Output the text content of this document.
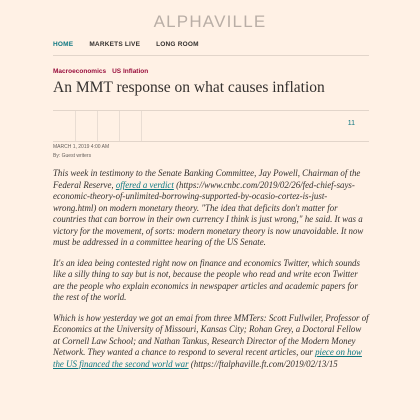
ALPHAVILLE
HOME MARKETS LIVE LONG ROOM
Macroeconomics US Inflation
An MMT response on what causes inflation
11
MARCH 1, 2019 4:00 AM
By: Guest writers

This week in testimony to the Senate Banking Committee, Jay Powell, Chairman of the Federal Reserve, offered a verdict (https://www.cnbc.com/2019/02/26/fed-chief-says-economic-theory-of-unlimited-borrowing-supported-by-ocasio-cortez-is-just-wrong.html) on modern monetary theory. "The idea that deficits don't matter for countries that can borrow in their own currency I think is just wrong," he said. It was a victory for the movement, of sorts: modern monetary theory is now unavoidable. It now must be addressed in a committee hearing of the US Senate.

It's an idea being contested right now on finance and economics Twitter, which sounds like a silly thing to say but is not, because the people who read and write econ Twitter are the people who explain economics in newspaper articles and academic papers for the rest of the world.

Which is how yesterday we got an emai from three MMTers: Scott Fullwiler, Professor of Economics at the University of Missouri, Kansas City; Rohan Grey, a Doctoral Fellow at Cornell Law School; and Nathan Tankus, Research Director of the Modern Money Network. They wanted a chance to respond to several recent articles, our piece on how the US financed the second world war (https://ftalphaville.ft.com/2019/02/13/15
